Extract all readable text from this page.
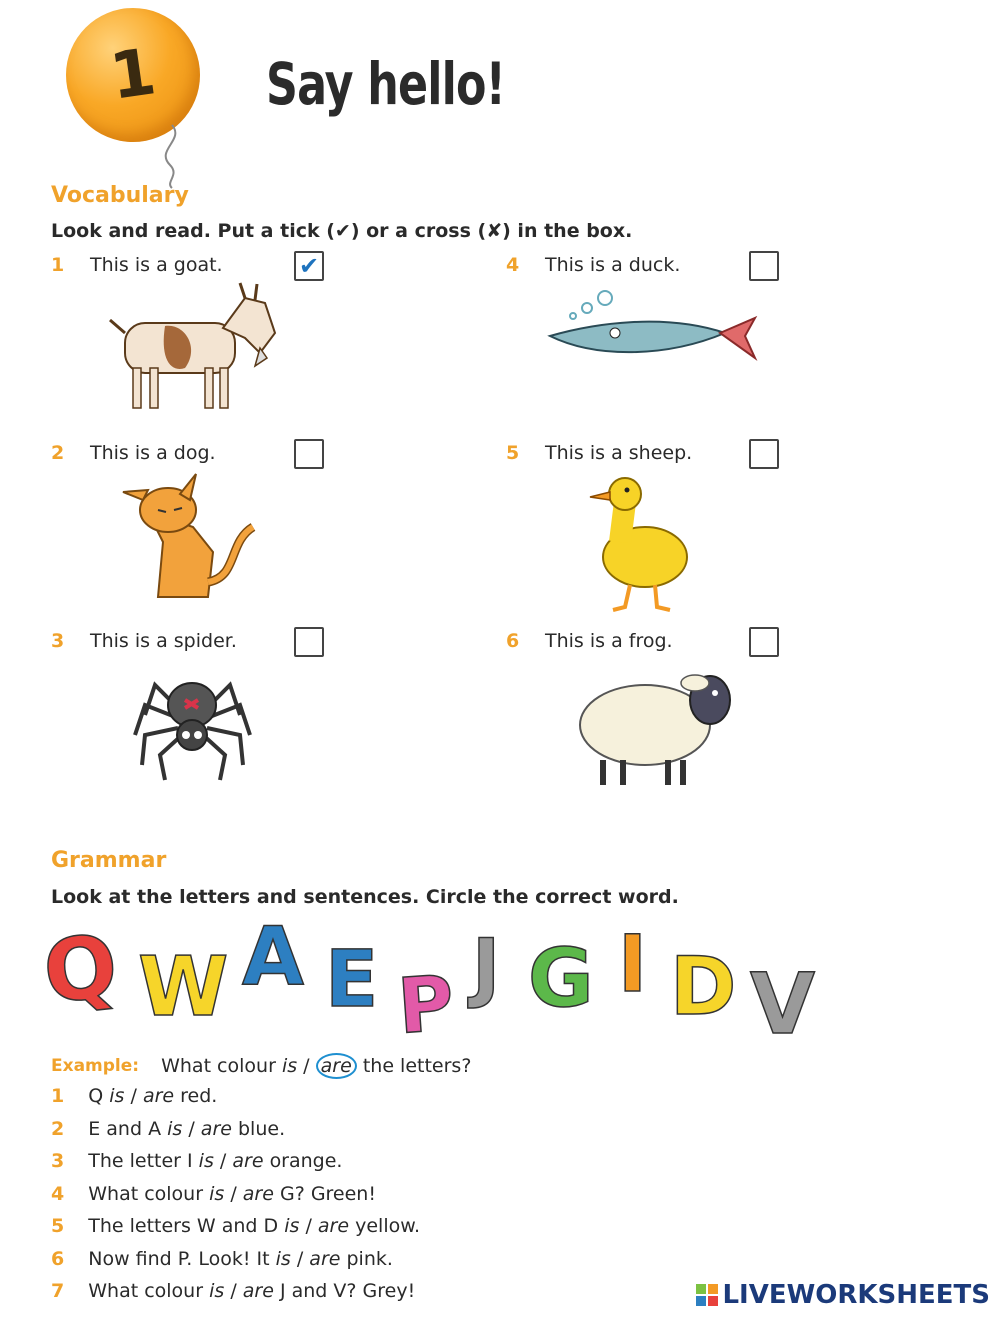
1	Say hello!
Vocabulary
Look and read. Put a tick (✔) or a cross (✘) in the box.
1 This is a goat.	✔
2 This is a dog.
3 This is a spider.
4 This is a duck.
5 This is a sheep.
6 This is a frog.
Grammar
Look at the letters and sentences. Circle the correct word.
Q W A E P J G I D V
Example: What colour is / are the letters?
1 Q is / are red.
2 E and A is / are blue.
3 The letter I is / are orange.
4 What colour is / are G? Green!
5 The letters W and D is / are yellow.
6 Now find P. Look! It is / are pink.
7 What colour is / are J and V? Grey!	LIVEWORKSHEETS
